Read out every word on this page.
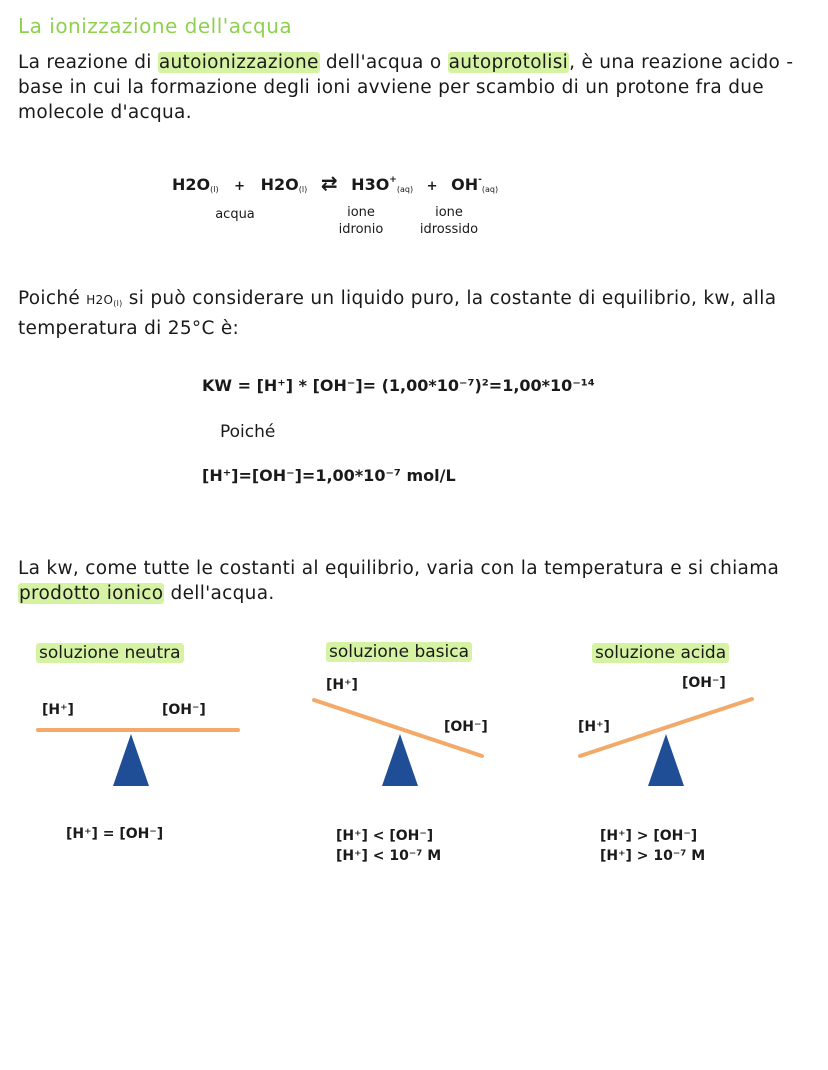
La ionizzazione dell'acqua
La reazione di autoionizzazione dell'acqua o autoprotolisi, è una reazione acido - base in cui la formazione degli ioni avviene per scambio di un protone fra due molecole d'acqua.
$H2O_{(l)} + H2O_{(l)}$ ⇄ $H3O^+_{(aq)} + OH^-_{(aq)}$
acqua	ione
idronio
ione
idrossido
Poiché $H2O_{(l)}$ si può considerare un liquido puro, la costante di equilibrio, kw, alla temperatura di 25°C è:
KW = [H⁺] * [OH⁻]= (1,00*10⁻⁷)²=1,00*10⁻¹⁴
Poiché
[H⁺]=[OH⁻]=1,00*10⁻⁷ mol/L
La kw, come tutte le costanti al equilibrio, varia con la temperatura e si chiama prodotto ionico dell'acqua.
soluzione neutra	soluzione basica	soluzione acida
[H⁺]	[OH⁻]
[H⁺]
[OH⁻]	[H⁺]
[OH⁻]
[H⁺] = [OH⁻]	[H⁺] < [OH⁻]
[H⁺] < 10⁻⁷ M
[H⁺] > [OH⁻]
[H⁺] > 10⁻⁷ M
